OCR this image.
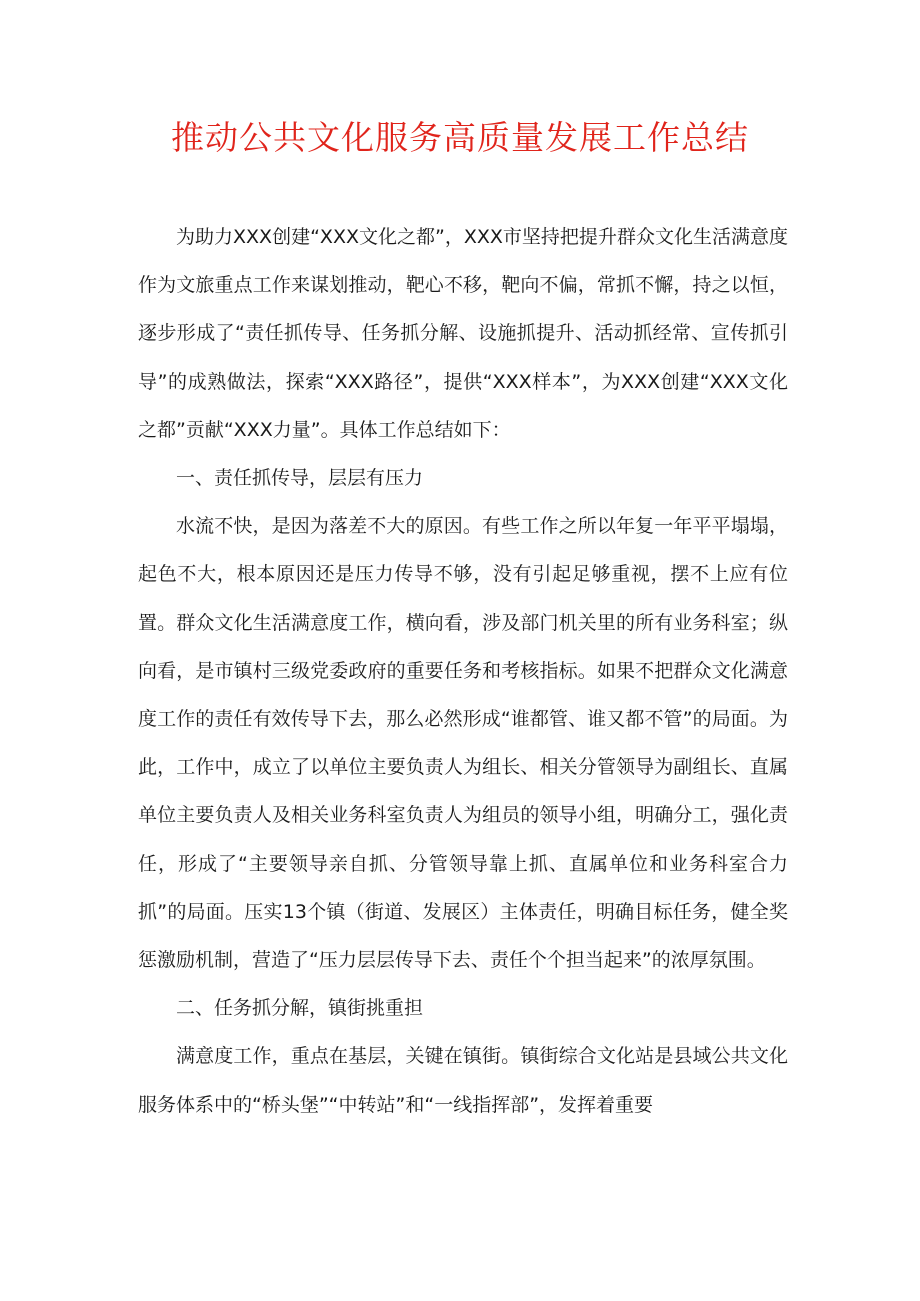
推动公共文化服务高质量发展工作总结

为助力XXX创建“XXX文化之都”，XXX市坚持把提升群众文化生活满意度作为文旅重点工作来谋划推动，靶心不移，靶向不偏，常抓不懈，持之以恒，逐步形成了“责任抓传导、任务抓分解、设施抓提升、活动抓经常、宣传抓引导”的成熟做法，探索“XXX路径”，提供“XXX样本”，为XXX创建“XXX文化之都”贡献“XXX力量”。具体工作总结如下：

一、责任抓传导，层层有压力

水流不快，是因为落差不大的原因。有些工作之所以年复一年平平塌塌，起色不大，根本原因还是压力传导不够，没有引起足够重视，摆不上应有位置。群众文化生活满意度工作，横向看，涉及部门机关里的所有业务科室；纵向看，是市镇村三级党委政府的重要任务和考核指标。如果不把群众文化满意度工作的责任有效传导下去，那么必然形成“谁都管、谁又都不管”的局面。为此，工作中，成立了以单位主要负责人为组长、相关分管领导为副组长、直属单位主要负责人及相关业务科室负责人为组员的领导小组，明确分工，强化责任，形成了“主要领导亲自抓、分管领导靠上抓、直属单位和业务科室合力抓”的局面。压实13个镇（街道、发展区）主体责任，明确目标任务，健全奖惩激励机制，营造了“压力层层传导下去、责任个个担当起来”的浓厚氛围。

二、任务抓分解，镇街挑重担

满意度工作，重点在基层，关键在镇街。镇街综合文化站是县域公共文化服务体系中的“桥头堡”“中转站”和“一线指挥部”，发挥着重要
